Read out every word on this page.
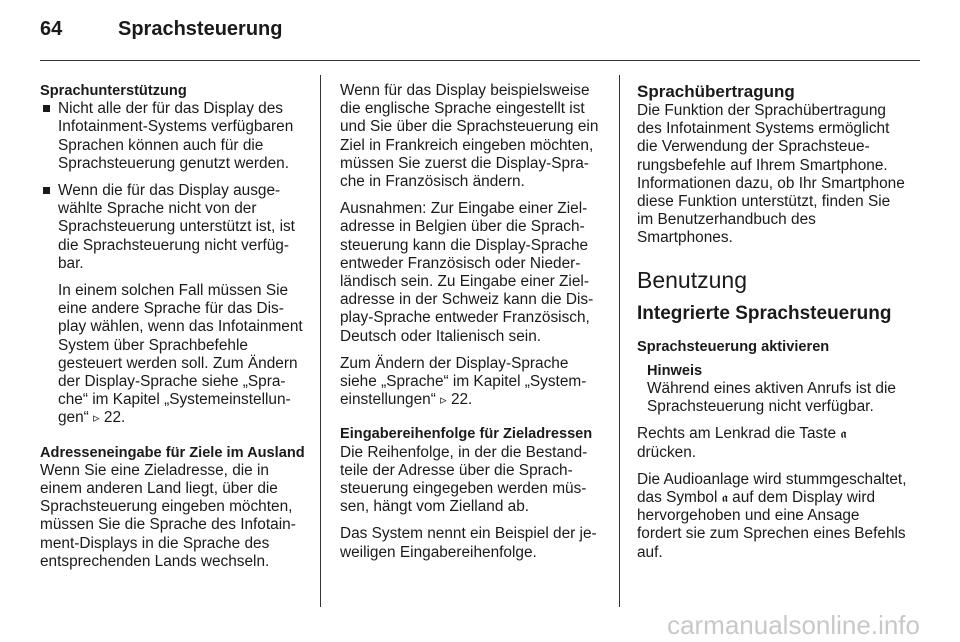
64	Sprachsteuerung
Sprachunterstützung
Nicht alle der für das Display des Infotainment-Systems verfügbaren Sprachen können auch für die Sprachsteuerung genutzt werden.
Wenn die für das Display ausgewählte Sprache nicht von der Sprachsteuerung unterstützt ist, ist die Sprachsteuerung nicht verfügbar.

In einem solchen Fall müssen Sie eine andere Sprache für das Display wählen, wenn das Infotainment System über Sprachbefehle gesteuert werden soll. Zum Ändern der Display-Sprache siehe „Sprache“ im Kapitel „Systemeinstellungen“ ▹ 22.

Adresseneingabe für Ziele im Ausland

Wenn Sie eine Zieladresse, die in einem anderen Land liegt, über die Sprachsteuerung eingeben möchten, müssen Sie die Sprache des Infotainment-Displays in die Sprache des entsprechenden Lands wechseln.

Wenn für das Display beispielsweise die englische Sprache eingestellt ist und Sie über die Sprachsteuerung ein Ziel in Frankreich eingeben möchten, müssen Sie zuerst die Display-Sprache in Französisch ändern.

Ausnahmen: Zur Eingabe einer Zieladresse in Belgien über die Sprachsteuerung kann die Display-Sprache entweder Französisch oder Niederländisch sein. Zu Eingabe einer Zieladresse in der Schweiz kann die Display-Sprache entweder Französisch, Deutsch oder Italienisch sein.

Zum Ändern der Display-Sprache siehe „Sprache“ im Kapitel „Systemeinstellungen“ ▹ 22.

Eingabereihenfolge für Zieladressen

Die Reihenfolge, in der die Bestandteile der Adresse über die Sprachsteuerung eingegeben werden müssen, hängt vom Zielland ab.

Das System nennt ein Beispiel der jeweiligen Eingabereihenfolge.

Sprachübertragung

Die Funktion der Sprachübertragung des Infotainment Systems ermöglicht die Verwendung der Sprachsteuerungsbefehle auf Ihrem Smartphone. Informationen dazu, ob Ihr Smartphone diese Funktion unterstützt, finden Sie im Benutzerhandbuch des Smartphones.

Benutzung
Integrierte Sprachsteuerung
Sprachsteuerung aktivieren
Hinweis
Während eines aktiven Anrufs ist die Sprachsteuerung nicht verfügbar.

Rechts am Lenkrad die Taste 𝖆 drücken.

Die Audioanlage wird stummgeschaltet, das Symbol 𝖆 auf dem Display wird hervorgehoben und eine Ansage fordert sie zum Sprechen eines Befehls auf.

carmanualsonline.info
